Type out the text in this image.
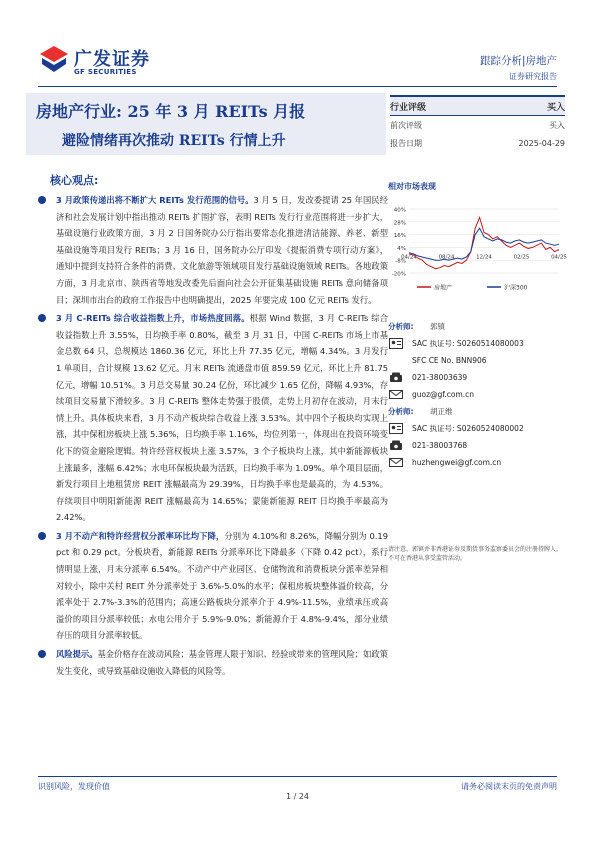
广发证券
GF SECURITIES
跟踪分析|房地产
证券研究报告
房地产行业: 25 年 3 月 REITs 月报
避险情绪再次推动 REITs 行情上升
行业评级	买入
前次评级	买入
报告日期	2025-04-29
核心观点:
3 月政策传递出将不断扩大 REITs 发行范围的信号。3 月 5 日，发改委提请 25 年国民经济和社会发展计划中指出推动 REITs 扩围扩容，表明 REITs 发行行业范围将进一步扩大，基础设施行业政策方面，3 月 2 日国务院办公厅指出要常态化推进清洁能源、养老、新型基础设施等项目发行 REITs；3 月 16 日，国务院办公厅印发《提振消费专项行动方案》，通知中提到支持符合条件的消费、文化旅游等领域项目发行基础设施领域 REITs。各地政策方面，3 月北京市、陕西省等地发改委先后面向社会公开征集基础设施 REITs 意向储备项目；深圳市出台的政府工作报告中也明确提出，2025 年要完成 100 亿元 REITs 发行。
3 月 C-REITs 综合收益指数上升，市场热度回落。根据 Wind 数据，3 月 C-REITs 综合收益指数上升 3.55%，日均换手率 0.80%，截至 3 月 31 日，中国 C-REITs 市场上市基金总数 64 只，总规模达 1860.36 亿元，环比上升 77.35 亿元，增幅 4.34%。3 月发行 1 单项目，合计规模 13.62 亿元。月末 REITs 流通盘市值 859.59 亿元，环比上升 81.75 亿元，增幅 10.51%。3 月总交易量 30.24 亿份，环比减少 1.65 亿份，降幅 4.93%，存续项目交易量下滑较多。3 月 C-REITs 整体走势强于股债，走势上月初存在波动，月末行情上升。具体板块来看，3 月不动产板块综合收益上涨 3.53%。其中四个子板块均实现上涨，其中保租房板块上涨 5.36%，日均换手率 1.16%，均位列第一，体现出在投资环境变化下的资金避险逻辑。特许经营权板块上涨 3.57%，3 个子板块均上涨，其中新能源板块上涨最多，涨幅 6.42%；水电环保板块最为活跃，日均换手率为 1.09%。单个项目层面，新发行项目上地租赁房 REIT 涨幅最高为 29.39%，日均换手率也是最高的，为 4.53%。存续项目中明阳新能源 REIT 涨幅最高为 14.65%；蒙能新能源 REIT 日均换手率最高为 2.42%。
3 月不动产和特许经营权分派率环比均下降，分别为 4.10%和 8.26%，降幅分别为 0.19 pct 和 0.29 pct。分板块看，新能源 REITs 分派率环比下降最多（下降 0.42 pct），系行情明显上涨，月末分派率 6.54%。不动产中产业园区、仓储物流和消费板块分派率差异相对较小，除中关村 REIT 外分派率处于 3.6%-5.0%的水平；保租房板块整体溢价较高，分派率处于 2.7%-3.3%的范围内；高速公路板块分派率介于 4.9%-11.5%，业绩承压或高溢价的项目分派率较低；水电公用介于 5.9%-9.0%；新能源介于 4.8%-9.4%，部分业绩存压的项目分派率较低。
风险提示。基金价格存在波动风险；基金管理人限于知识、经验或带来的管理风险；如政策发生变化，或导致基础设施收入降低的风险等。
相对市场表现
40%
28%
16%
4%
-8%
-20%
04/24	08/24	12/24	02/25	04/25
房地产	沪深300
分析师:	郭镇
SAC 执证号: S0260514080003
SFC CE No. BNN906
021-38003639
guoz@gf.com.cn
分析师:	胡正维
SAC 执证号: S0260524080002
021-38003768
huzhengwei@gf.com.cn
请注意，郭镇并非香港证券及期货事务监察委员会的注册持牌人，不可在香港从事受监管活动。
识别风险，发现价值	请务必阅读末页的免责声明
1 / 24
